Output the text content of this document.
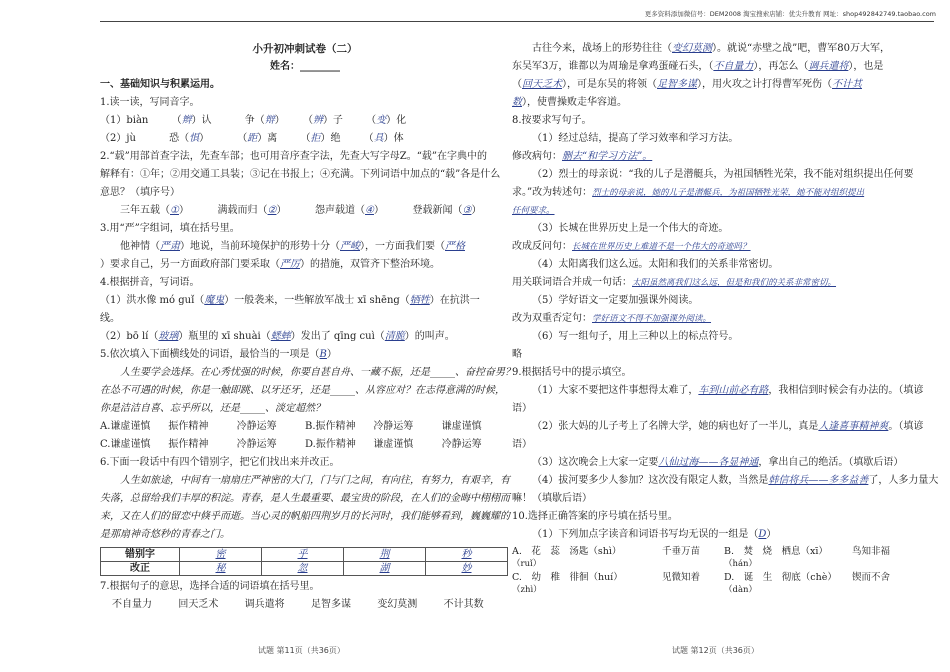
更多资料添加微信号：DEM2008 淘宝搜索店铺：优尖升教育 网址：shop492842749.taobao.com
小升初冲刺试卷（二）
姓名：________
一、基础知识与积累运用。
1.读一读，写同音字。
（1）biàn　　 （辫）认　　　	争（辩）　　 （辨）子　　 （变）化
（2）jù　　　	恐（惧）　　　	（距）离　　 （拒）绝　　 （具）体
2.“载”用部首查字法，先查车部；也可用音序查字法，先查大写字母Z。“载”在字典中的
解释有：①年；②用交通工具装；③记在书报上；④充满。下列词语中加点的“载”各是什么
意思？（填序号）
三年五载（①）	满载而归（②）	怨声载道（④）	登载新闻（③）
3.用“严”字组词，填在括号里。
他神情（严肃）地说，当前环境保护的形势十分（严峻），一方面我们要（严格
）要求自己，另一方面政府部门要采取（严厉）的措施，双管齐下整治环境。
4.根据拼音，写词语。
（1）洪水像 mó guǐ（魔鬼）一般袭来，一些解放军战士 xī shēng（牺牲）在抗洪一
线。
（2）bō lí（玻璃）瓶里的 xī shuài（蟋蟀）发出了 qīng cuì（清脆）的叫声。
5.依次填入下面横线处的词语，最恰当的一项是（B）
人生要学会选择。在心秀忧强的时候，你要自甚自舟、一藏不振，还是_____、奋控奋男？
在怂不可遇的时候，你是一触即跳、以牙还牙，还是_____、从容应对？在志得意满的时候，
你是洁洁自喜、忘乎所以，还是_____、淡定超然？
A.谦虚谨慎	振作精神	冷静运筹	B.振作精神	冷静运筹	谦虚谨慎
C.谦虚谨慎	振作精神	冷静运筹	D.振作精神	谦虚谨慎	冷静运筹
6.下面一段话中有四个错别字，把它们找出来并改正。
人生如旅途，中间有一扇扇庄严神密的大门，门与门之间，有向往，有努力，有艰辛，有
失落，总留给我们丰厚的积淀。青春，是人生最重要、最宝贵的阶段，在人们的金晦中栩栩而
来，又在人们的留恋中倏乎而逝。当心灵的帆船四荆岁月的长河时，我们能够看到，巍巍耀的
是那扇神奇悠秒的青春之门。
错别字	密	乎	荆	秒
改正	秘	忽	湖	妙
7.根据句子的意思，选择合适的词语填在括号里。
不自量力	回天乏术	调兵遣将	足智多谋	变幻莫测	不计其数
古往今来，战场上的形势往往（变幻莫测）。就说“赤壁之战”吧，曹军80万大军，
东吴军3万，谁都以为周瑜是拿鸡蛋碰石头，（不自量力），再怎么（调兵遣将），也是
（回天乏术），可是东吴的将领（足智多谋），用火攻之计打得曹军死伤（不计其
数），使曹操败走华容道。
8.按要求写句子。
（1）经过总结，提高了学习效率和学习方法。
修改病句：删去“和学习方法”。
（2）烈士的母亲说：“我的儿子是潜艇兵，为祖国牺牲光荣，我不能对组织提出任何要
求。”改为转述句：烈士的母亲说，她的儿子是潜艇兵，为祖国牺牲光荣，她不能对组织提出
任何要求。
（3）长城在世界历史上是一个伟大的奇迹。
改成反问句：长城在世界历史上难道不是一个伟大的奇迹吗？
（4）太阳离我们这么远。太阳和我们的关系非常密切。
用关联词语合并成一句话：太阳虽然离我们这么远，但是和我们的关系非常密切。
（5）学好语文一定要加强课外阅读。
改为双重否定句：学好语文不得不加强课外阅读。
（6）写一组句子，用上三种以上的标点符号。
略
9.根据括号中的提示填空。
（1）大家不要把这件事想得太难了，车到山前必有路，我相信到时候会有办法的。（填谚
语）
（2）张大妈的儿子考上了名牌大学，她的病也好了一半儿，真是人逢喜事精神爽。（填谚
语）
（3）这次晚会上大家一定要八仙过海——各显神通，拿出自己的绝活。（填歇后语）
（4）拔河要多少人参加？这次没有限定人数，当然是韩信将兵——多多益善了，人多力量大
嘛！（填歇后语）
10.选择正确答案的序号填在括号里。
（1）下列加点字读音和词语书写均无误的一组是（D）
A.　花　蕊　汤匙（shì）	千垂万苗	B.　焚　烧　栖息（xī）	鸟知非福
（ruǐ）	（hán）
C.　幼　稚　徘徊（huí）	见微知着	D.　诞　生　彻底（chè）	锲而不舍
（zhì）	（dàn）
试题 第11页（共36页）	试题 第12页（共36页）
